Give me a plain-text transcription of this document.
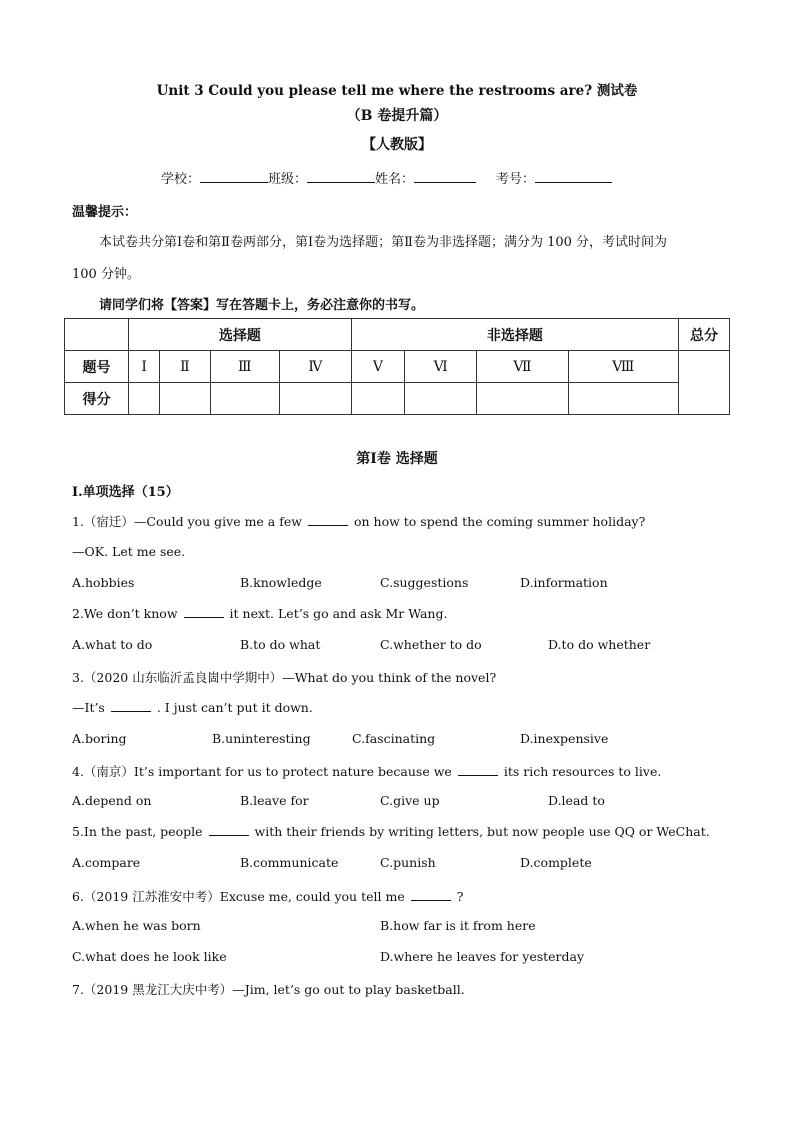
Unit 3 Could you please tell me where the restrooms are? 测试卷
（B 卷提升篇）
【人教版】
学校：	班级：	姓名：	考号：
温馨提示：
本试卷共分第Ⅰ卷和第Ⅱ卷两部分，第Ⅰ卷为选择题；第Ⅱ卷为非选择题；满分为 100 分，考试时间为
100 分钟。
请同学们将【答案】写在答题卡上，务必注意你的书写。
	选择题				非选择题				总分
题号	Ⅰ	Ⅱ	Ⅲ	Ⅳ	Ⅴ	Ⅵ	Ⅶ	Ⅷ	
得分									
第Ⅰ卷 选择题
Ⅰ.单项选择（15）
1.（宿迁）—Could you give me a few	on how to spend the coming summer holiday?
—OK. Let me see.
A.hobbies	B.knowledge	C.suggestions	D.information
2.We don’t know	it next. Let’s go and ask Mr Wang.
A.what to do	B.to do what	C.whether to do	D.to do whether
3.（2020 山东临沂孟良崮中学期中）—What do you think of the novel?
—It’s	. I just can’t put it down.
A.boring	B.uninteresting	C.fascinating	D.inexpensive
4.（南京）It’s important for us to protect nature because we	its rich resources to live.
A.depend on	B.leave for	C.give up	D.lead to
5.In the past, people	with their friends by writing letters, but now people use QQ or WeChat.
A.compare	B.communicate	C.punish	D.complete
6.（2019 江苏淮安中考）Excuse me, could you tell me	?
A.when he was born	B.how far is it from here
C.what does he look like	D.where he leaves for yesterday
7.（2019 黑龙江大庆中考）—Jim, let’s go out to play basketball.
